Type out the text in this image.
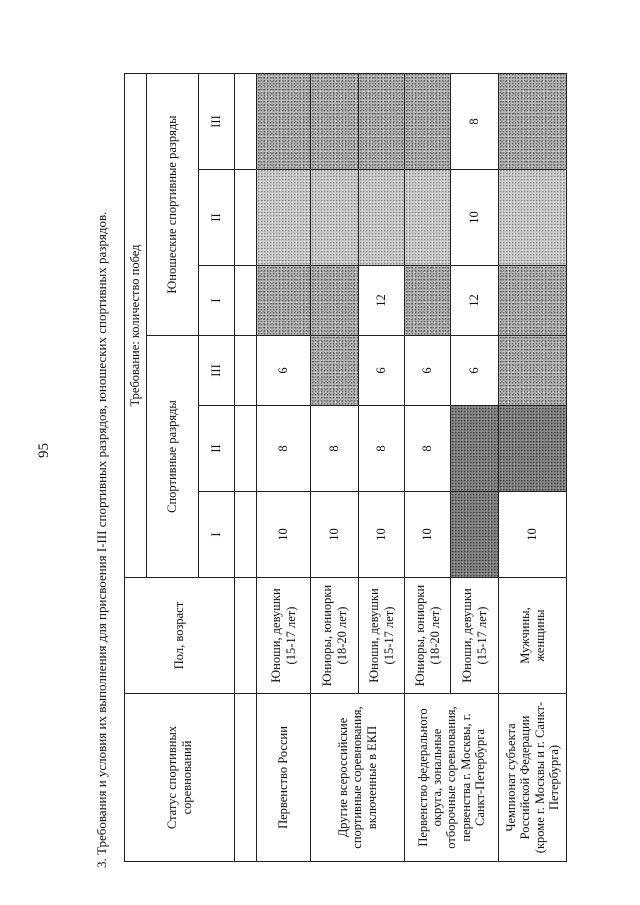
95	3. Требования и условия их выполнения для присвоения I-III спортивных разрядов, юношеских спортивных разрядов.	Статус спортивных соревнований	Пол, возраст	Требование: количество побед					
		Спортивные разряды			Юношеские спортивные разряды		
		I	II	III	I	II	III

Первенство России	Юноши, девушки (15-17 лет)	10	8	6			
Другие всероссийские спортивные соревнования, включенные в ЕКП	Юниоры, юниорки (18-20 лет)	10	8				
	Юноши, девушки (15-17 лет)	10	8	6	12		
Первенство федерального округа, зональные отборочные соревнования, первенства г. Москвы, г. Санкт-Петербурга	Юниоры, юниорки (18-20 лет)	10	8	6			
	Юноши, девушки (15-17 лет)			6	12	10	8
Чемпионат субъекта Российской Федерации (кроме г. Москвы и г. Санкт-Петербурга)	Мужчины, женщины	10					
